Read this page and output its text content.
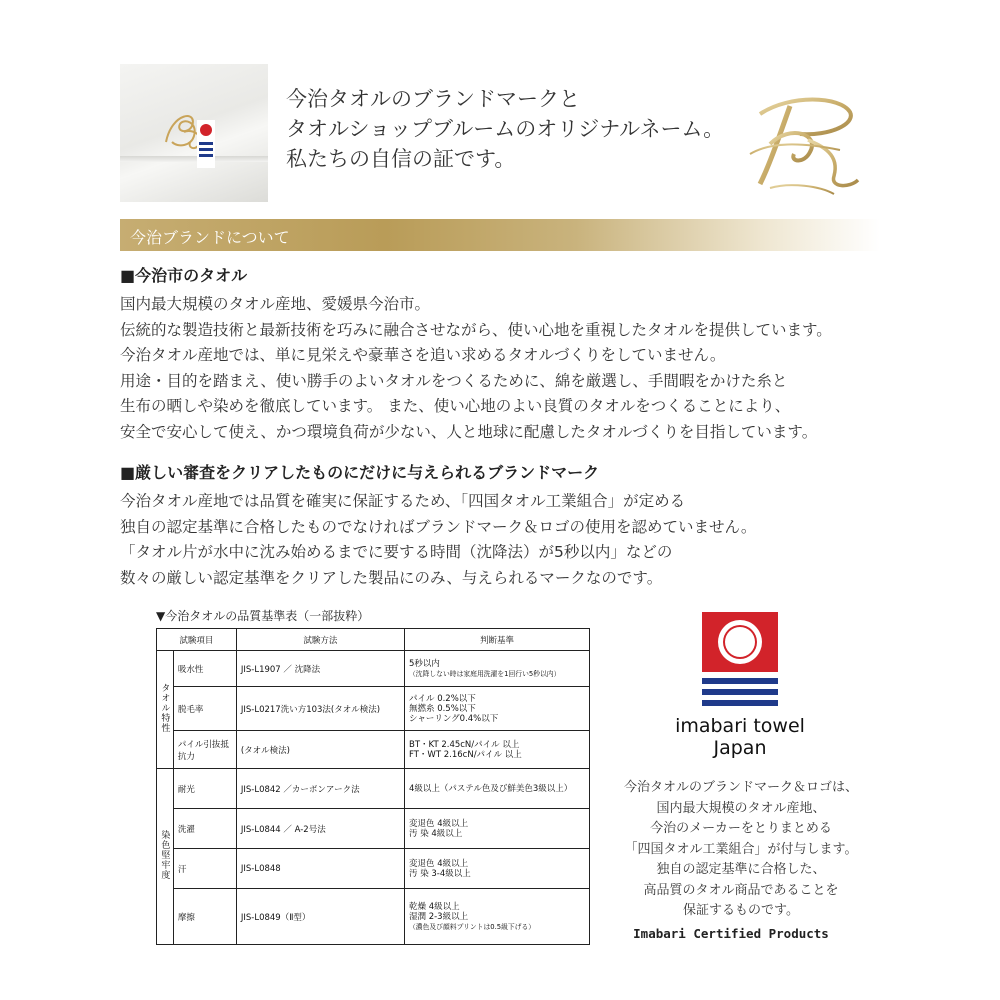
今治タオルのブランドマークと
タオルショップブルームのオリジナルネーム。
私たちの自信の証です。
今治ブランドについて
■今治市のタオル
国内最大規模のタオル産地、愛媛県今治市。
伝統的な製造技術と最新技術を巧みに融合させながら、使い心地を重視したタオルを提供しています。
今治タオル産地では、単に見栄えや豪華さを追い求めるタオルづくりをしていません。
用途・目的を踏まえ、使い勝手のよいタオルをつくるために、綿を厳選し、手間暇をかけた糸と
生布の晒しや染めを徹底しています。 また、使い心地のよい良質のタオルをつくることにより、
安全で安心して使え、かつ環境負荷が少ない、人と地球に配慮したタオルづくりを目指しています。
■厳しい審査をクリアしたものにだけに与えられるブランドマーク
今治タオル産地では品質を確実に保証するため、「四国タオル工業組合」が定める
独自の認定基準に合格したものでなければブランドマーク＆ロゴの使用を認めていません。
「タオル片が水中に沈み始めるまでに要する時間（沈降法）が5秒以内」などの
数々の厳しい認定基準をクリアした製品にのみ、与えられるマークなのです。
▼今治タオルの品質基準表（一部抜粋）
試験項目		試験方法	判断基準
タオル特性	吸水性	JIS-L1907 ／ 沈降法	5秒以内
（沈降しない時は家庭用洗濯を1回行い5秒以内）

	脱毛率	JIS-L0217洗い方103法(タオル検法)	パイル 0.2%以下
無撚糸 0.5%以下
シャーリング0.4%以下

	パイル引抜抵抗力	(タオル検法)	BT・KT 2.45cN/パイル 以上
FT・WT 2.16cN/パイル 以上

染色堅牢度	耐光	JIS-L0842 ／カーボンアーク法	4級以上（パステル色及び鮮美色3級以上）

	洗濯	JIS-L0844 ／ A-2号法	変退色 4級以上
汚 染 4級以上

	汗	JIS-L0848	変退色 4級以上
汚 染 3-4級以上

	摩擦	JIS-L0849（Ⅱ型）	乾燥 4級以上
湿潤 2-3級以上
（濃色及び顔料プリントは0.5級下げる）
imabari towel
Japan
今治タオルのブランドマーク＆ロゴは、
国内最大規模のタオル産地、
今治のメーカーをとりまとめる
「四国タオル工業組合」が付与します。
独自の認定基準に合格した、
高品質のタオル商品であることを
保証するものです。
Imabari Certified Products
